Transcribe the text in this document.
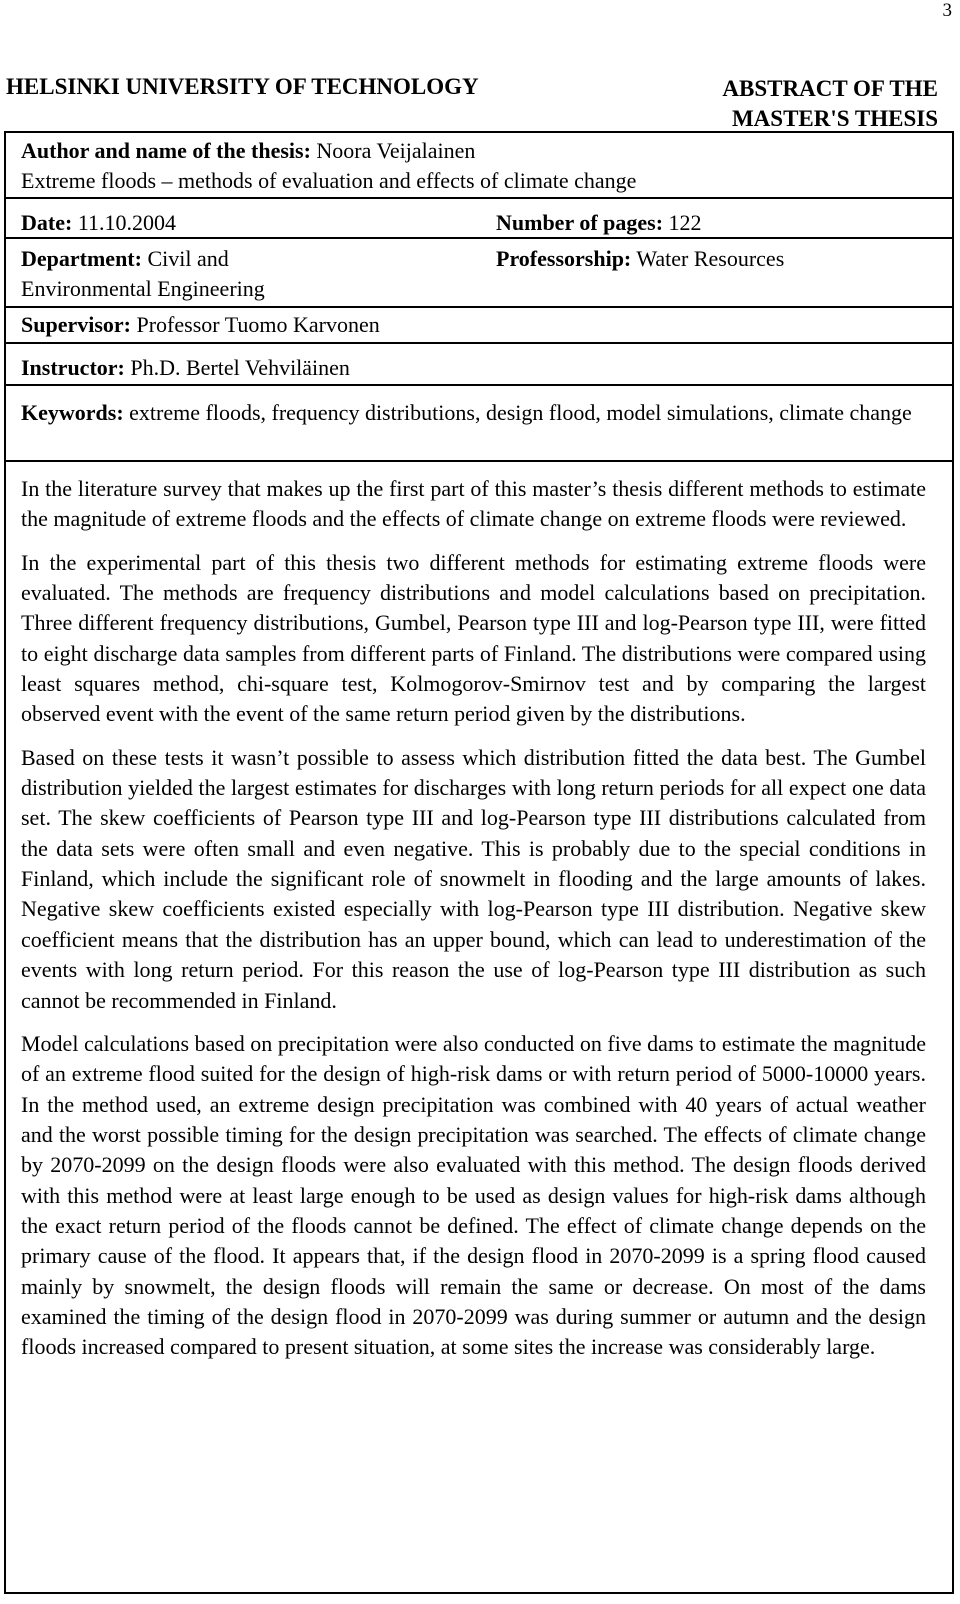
3
HELSINKI UNIVERSITY OF TECHNOLOGY	ABSTRACT OF THE
MASTER'S THESIS
Author and name of the thesis: Noora Veijalainen
Extreme floods – methods of evaluation and effects of climate change
Date: 11.10.2004	Number of pages: 122
Department: Civil and Environmental Engineering
Professorship: Water Resources
Supervisor: Professor Tuomo Karvonen
Instructor: Ph.D. Bertel Vehviläinen
Keywords: extreme floods, frequency distributions, design flood, model simulations, climate change

In the literature survey that makes up the first part of this master’s thesis different methods to estimate the magnitude of extreme floods and the effects of climate change on extreme floods were reviewed.

In the experimental part of this thesis two different methods for estimating extreme floods were evaluated. The methods are frequency distributions and model calculations based on precipitation. Three different frequency distributions, Gumbel, Pearson type III and log-Pearson type III, were fitted to eight discharge data samples from different parts of Finland. The distributions were compared using least squares method, chi-square test, Kolmogorov-Smirnov test and by comparing the largest observed event with the event of the same return period given by the distributions.

Based on these tests it wasn’t possible to assess which distribution fitted the data best. The Gumbel distribution yielded the largest estimates for discharges with long return periods for all expect one data set. The skew coefficients of Pearson type III and log-Pearson type III distributions calculated from the data sets were often small and even negative. This is probably due to the special conditions in Finland, which include the significant role of snowmelt in flooding and the large amounts of lakes. Negative skew coefficients existed especially with log-Pearson type III distribution. Negative skew coefficient means that the distribution has an upper bound, which can lead to underestimation of the events with long return period. For this reason the use of log-Pearson type III distribution as such cannot be recommended in Finland.

Model calculations based on precipitation were also conducted on five dams to estimate the magnitude of an extreme flood suited for the design of high-risk dams or with return period of 5000-10000 years. In the method used, an extreme design precipitation was combined with 40 years of actual weather and the worst possible timing for the design precipitation was searched. The effects of climate change by 2070-2099 on the design floods were also evaluated with this method. The design floods derived with this method were at least large enough to be used as design values for high-risk dams although the exact return period of the floods cannot be defined. The effect of climate change depends on the primary cause of the flood. It appears that, if the design flood in 2070-2099 is a spring flood caused mainly by snowmelt, the design floods will remain the same or decrease. On most of the dams examined the timing of the design flood in 2070-2099 was during summer or autumn and the design floods increased compared to present situation, at some sites the increase was considerably large.
